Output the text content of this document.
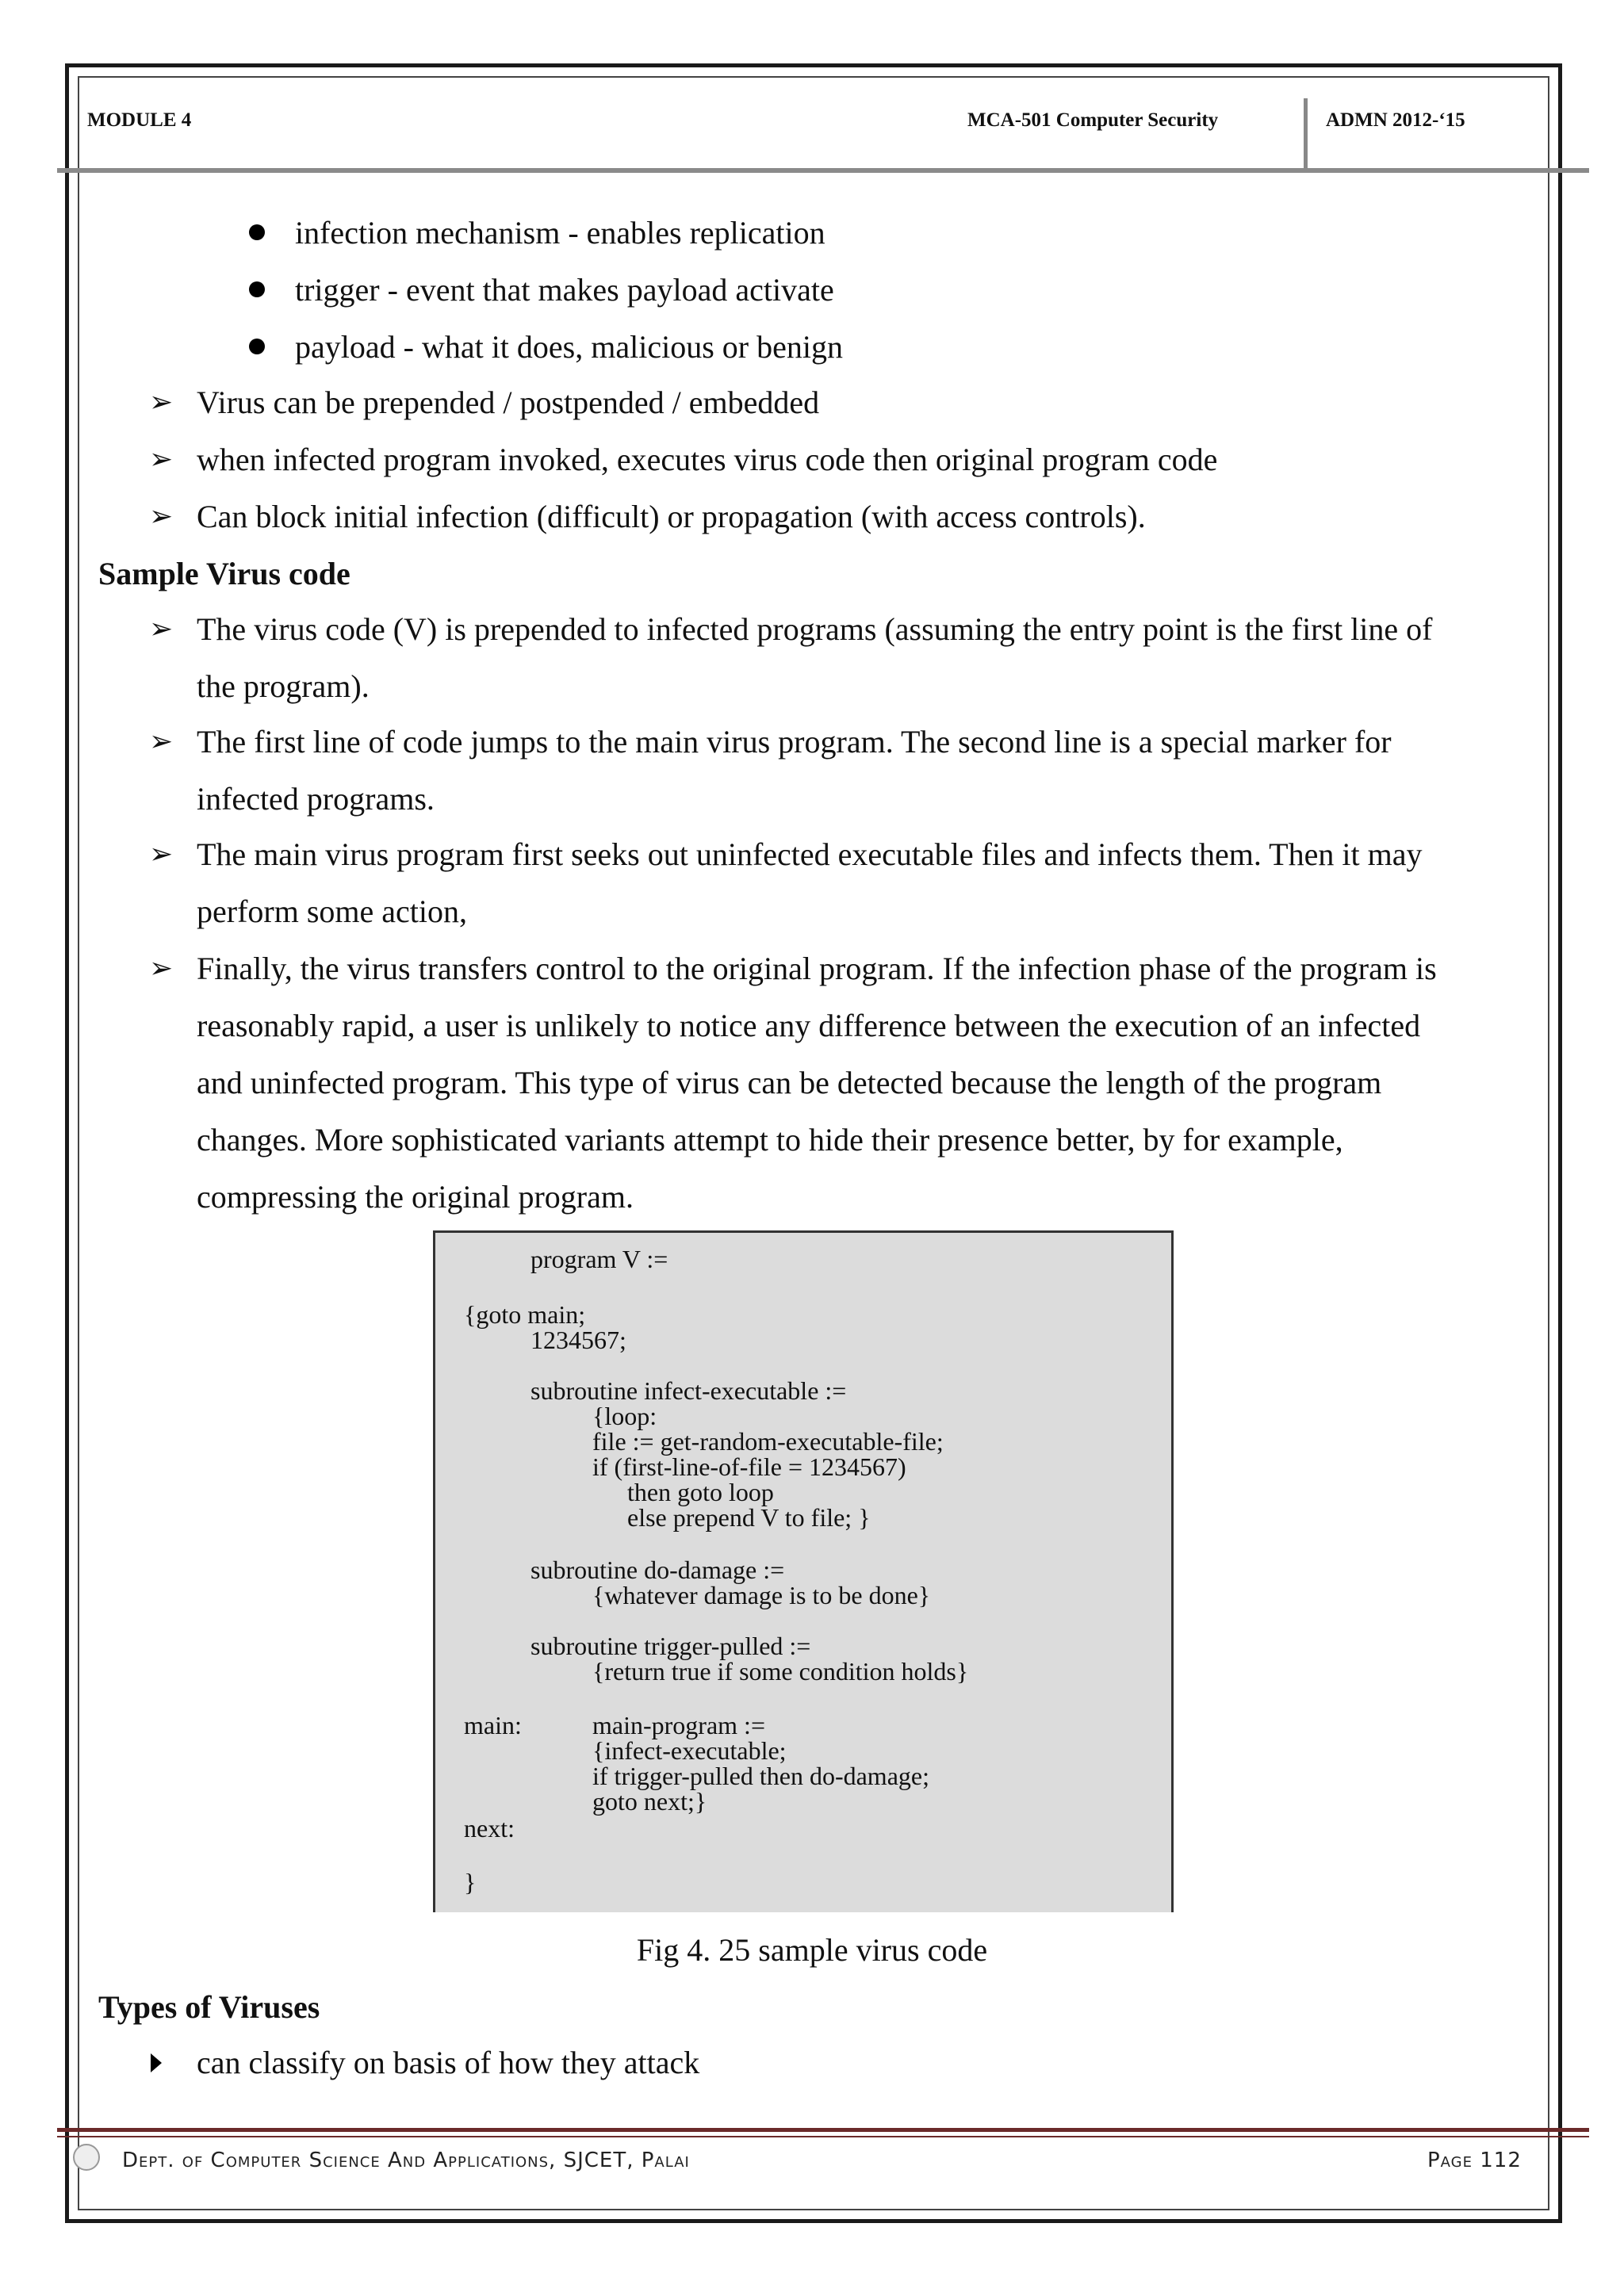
MODULE 4	MCA-501 Computer Security	ADMN 2012-‘15
infection mechanism - enables replication
trigger - event that makes payload activate
payload - what it does, malicious or benign
➢ Virus can be prepended / postpended / embedded
➢ when infected program invoked, executes virus code then original program code
➢ Can block initial infection (difficult) or propagation (with access controls).
Sample Virus code
➢ The virus code (V) is prepended to infected programs (assuming the entry point is the first line of
the program).
➢ The first line of code jumps to the main virus program. The second line is a special marker for
infected programs.
➢ The main virus program first seeks out uninfected executable files and infects them. Then it may
perform some action,
➢ Finally, the virus transfers control to the original program. If the infection phase of the program is
reasonably rapid, a user is unlikely to notice any difference between the execution of an infected
and uninfected program. This type of virus can be detected because the length of the program
changes. More sophisticated variants attempt to hide their presence better, by for example,
compressing the original program.
program V :=
{goto main;
1234567;
subroutine infect-executable :=
{loop:
file := get-random-executable-file;
if (first-line-of-file = 1234567)
then goto loop
else prepend V to file; }
subroutine do-damage :=
{whatever damage is to be done}
subroutine trigger-pulled :=
{return true if some condition holds}
main:	main-program :=
{infect-executable;
if trigger-pulled then do-damage;
goto next;}
next:
}
Fig 4. 25 sample virus code
Types of Viruses
can classify on basis of how they attack
Dept. of Computer Science And Applications, SJCET, Palai	Page 112
